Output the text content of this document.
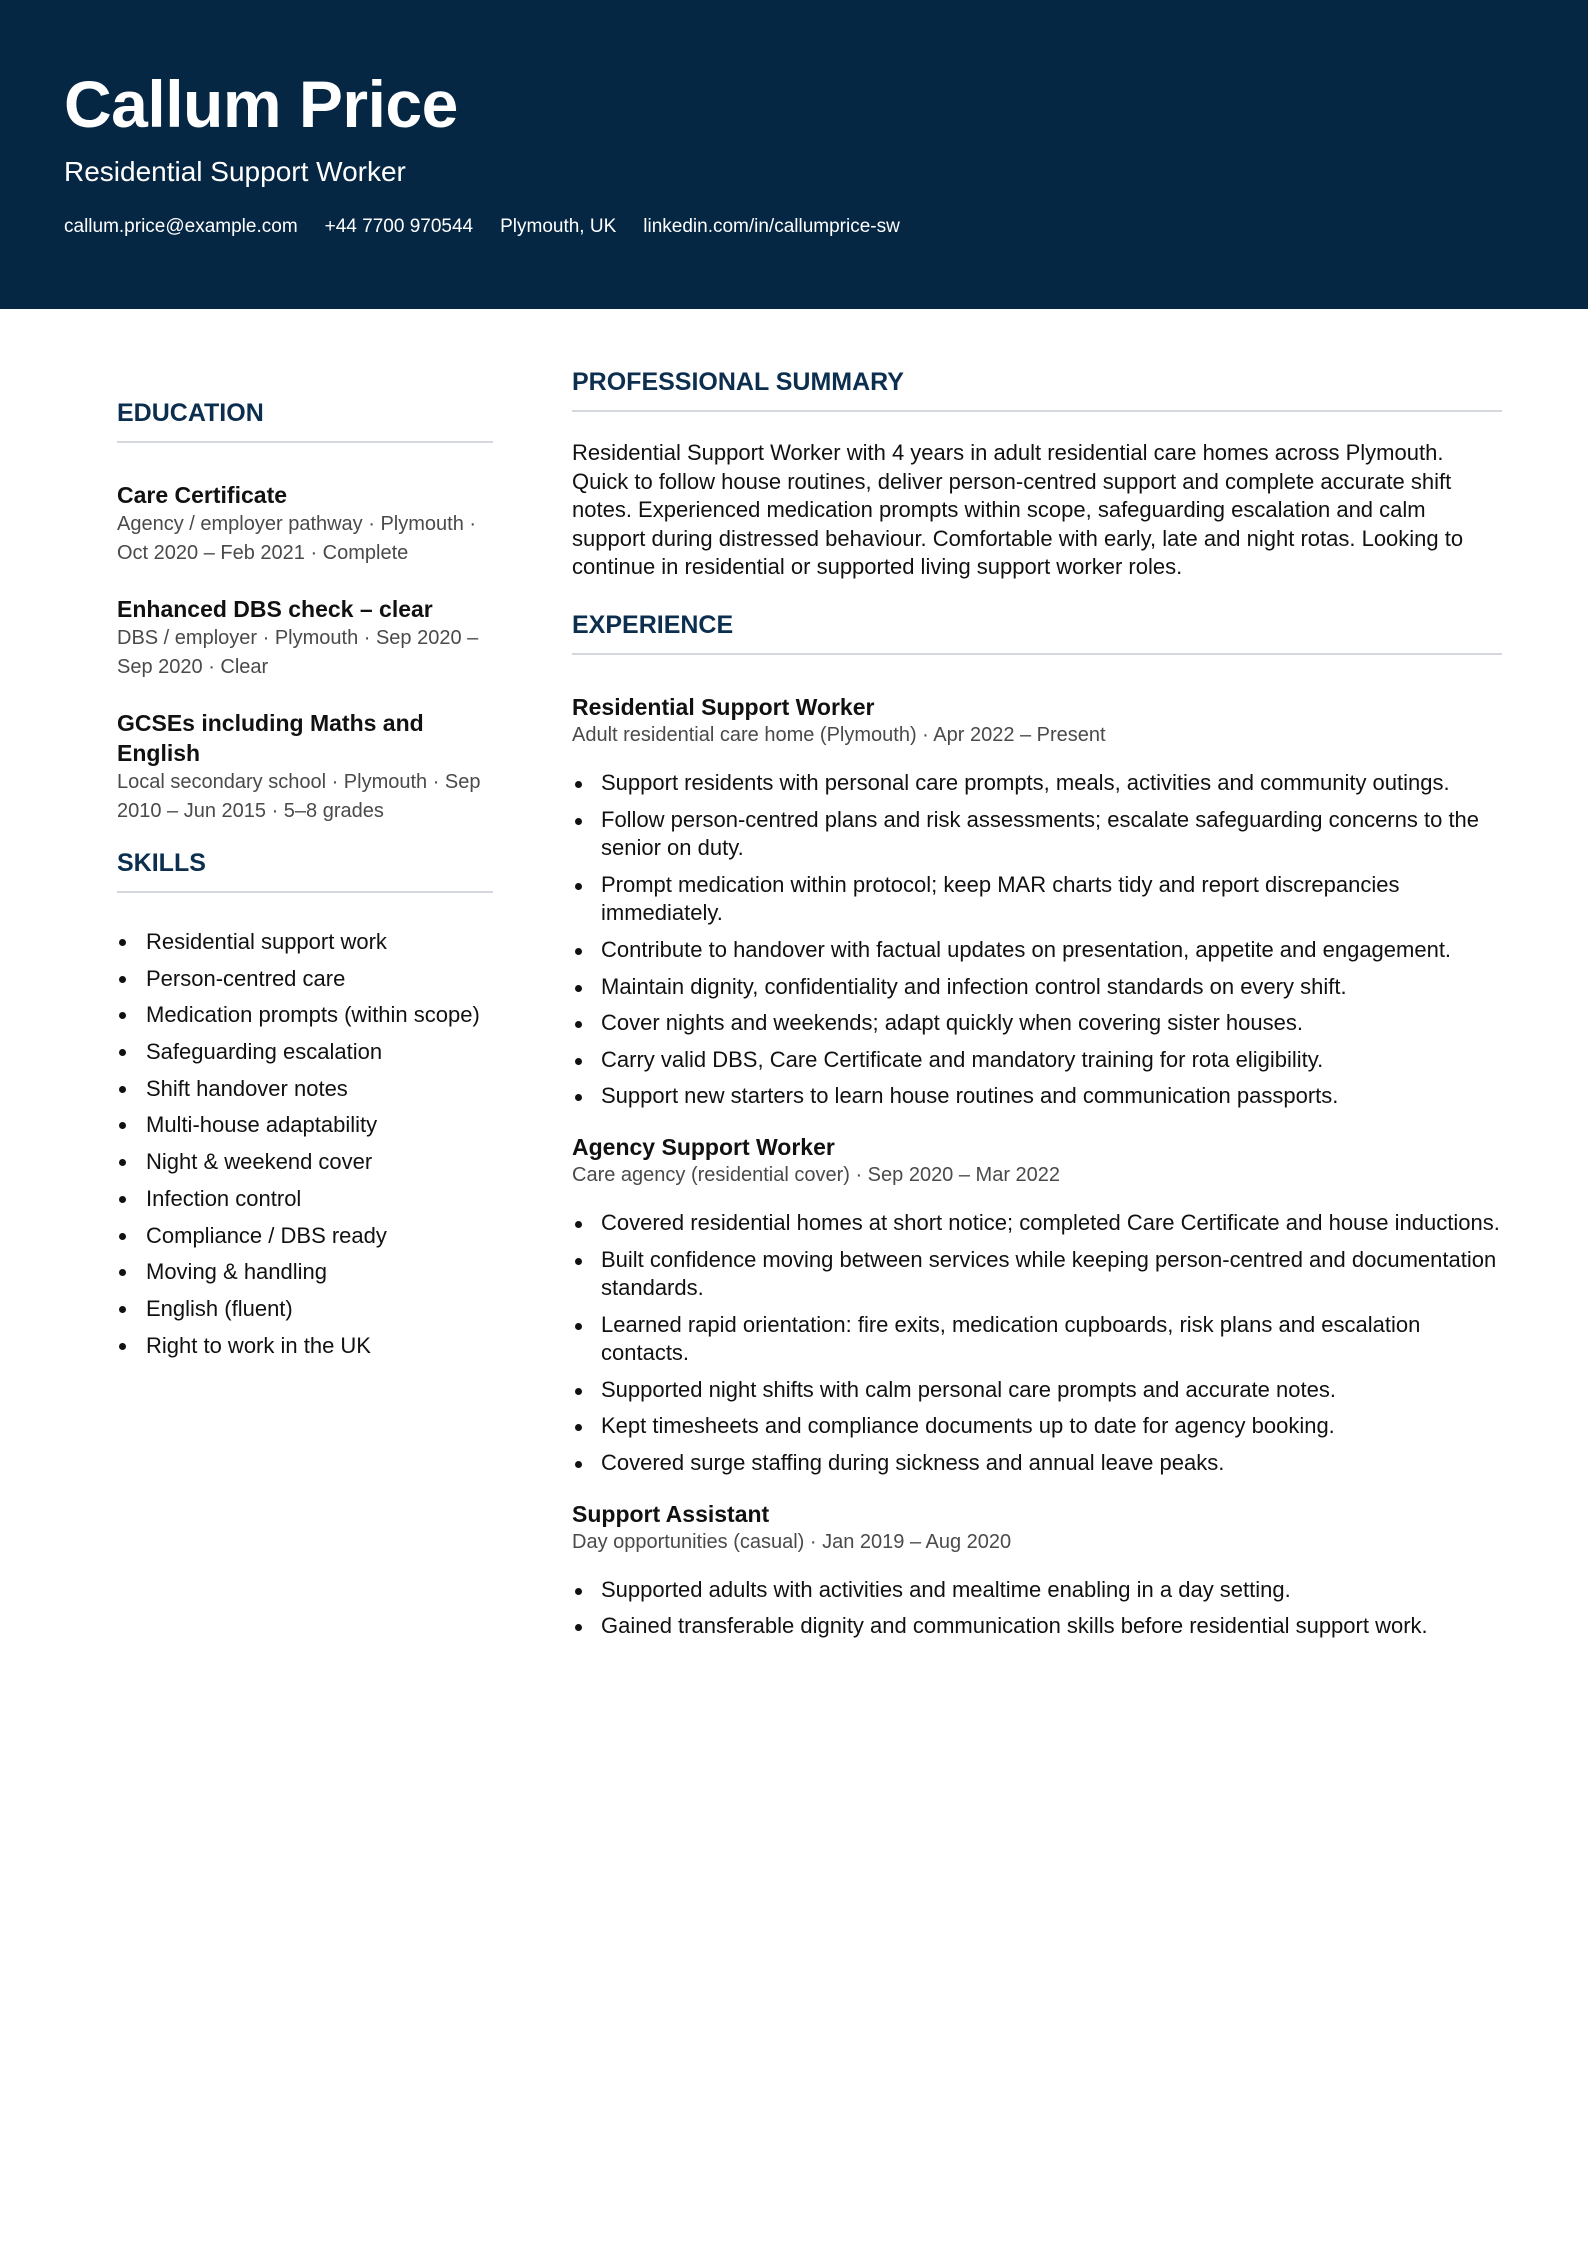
Callum Price
Residential Support Worker
callum.price@example.com +44 7700 970544 Plymouth, UK linkedin.com/in/callumprice-sw
EDUCATION
Care Certificate
Agency / employer pathway · Plymouth · Oct 2020 – Feb 2021 · Complete
Enhanced DBS check – clear
DBS / employer · Plymouth · Sep 2020 – Sep 2020 · Clear
GCSEs including Maths and English
Local secondary school · Plymouth · Sep 2010 – Jun 2015 · 5–8 grades
SKILLS
Residential support work
Person-centred care
Medication prompts (within scope)
Safeguarding escalation
Shift handover notes
Multi-house adaptability
Night & weekend cover
Infection control
Compliance / DBS ready
Moving & handling
English (fluent)
Right to work in the UK
PROFESSIONAL SUMMARY

Residential Support Worker with 4 years in adult residential care homes across Plymouth. Quick to follow house routines, deliver person-centred support and complete accurate shift notes. Experienced medication prompts within scope, safeguarding escalation and calm support during distressed behaviour. Comfortable with early, late and night rotas. Looking to continue in residential or supported living support worker roles.

EXPERIENCE
Residential Support Worker
Adult residential care home (Plymouth) · Apr 2022 – Present
Support residents with personal care prompts, meals, activities and community outings.
Follow person-centred plans and risk assessments; escalate safeguarding concerns to the senior on duty.
Prompt medication within protocol; keep MAR charts tidy and report discrepancies immediately.
Contribute to handover with factual updates on presentation, appetite and engagement.
Maintain dignity, confidentiality and infection control standards on every shift.
Cover nights and weekends; adapt quickly when covering sister houses.
Carry valid DBS, Care Certificate and mandatory training for rota eligibility.
Support new starters to learn house routines and communication passports.
Agency Support Worker
Care agency (residential cover) · Sep 2020 – Mar 2022
Covered residential homes at short notice; completed Care Certificate and house inductions.
Built confidence moving between services while keeping person-centred and documentation standards.
Learned rapid orientation: fire exits, medication cupboards, risk plans and escalation contacts.
Supported night shifts with calm personal care prompts and accurate notes.
Kept timesheets and compliance documents up to date for agency booking.
Covered surge staffing during sickness and annual leave peaks.
Support Assistant
Day opportunities (casual) · Jan 2019 – Aug 2020
Supported adults with activities and mealtime enabling in a day setting.
Gained transferable dignity and communication skills before residential support work.
